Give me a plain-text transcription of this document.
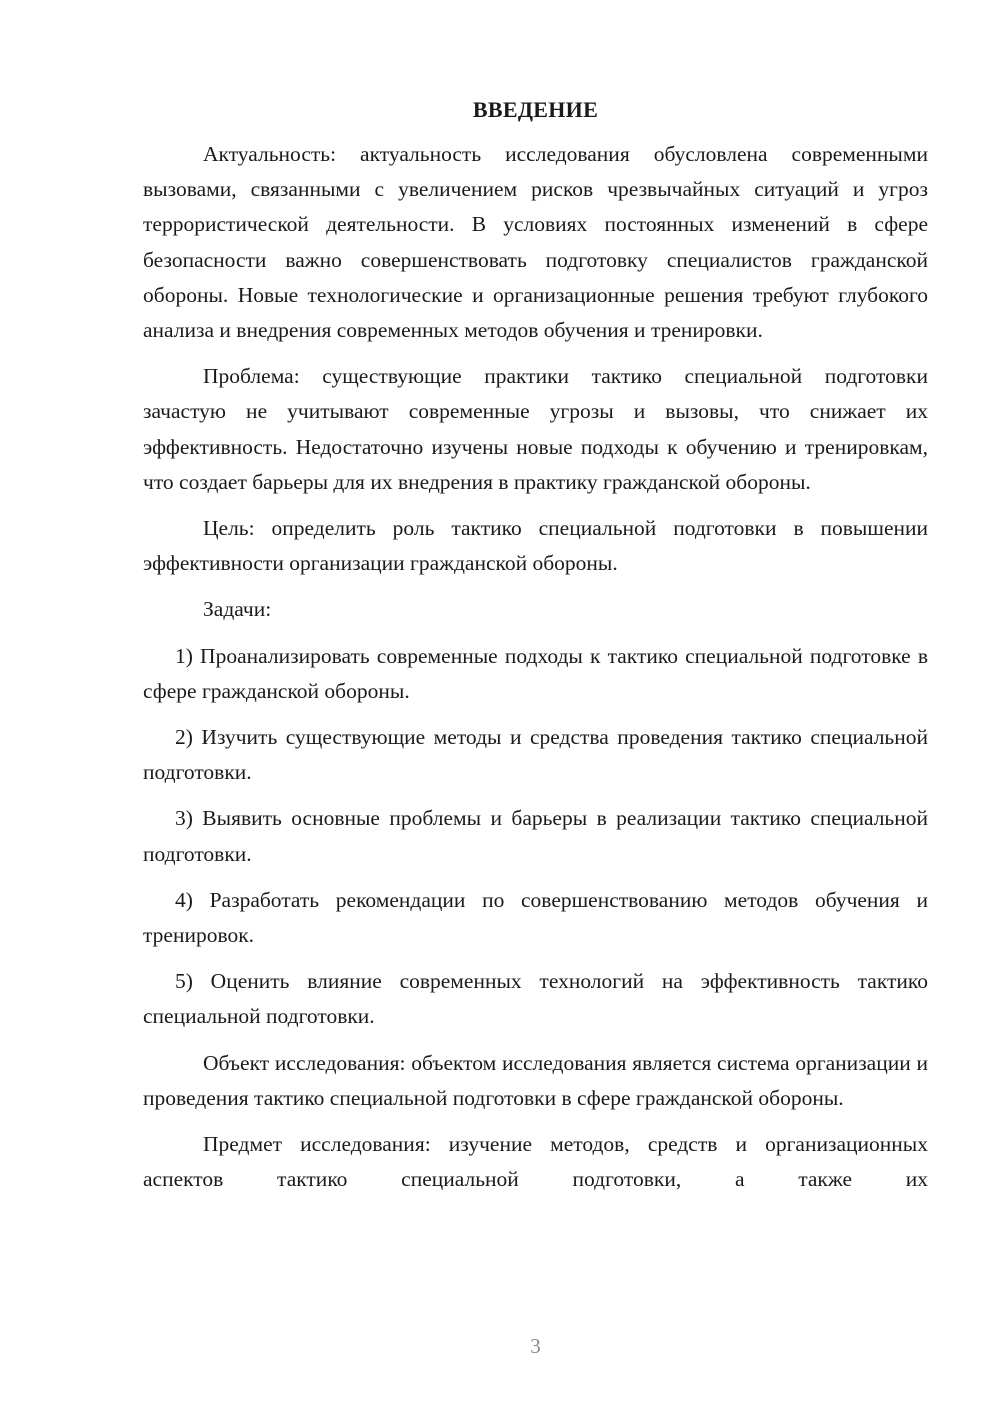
ВВЕДЕНИЕ

Актуальность: актуальность исследования обусловлена современными вызовами, связанными с увеличением рисков чрезвычайных ситуаций и угроз террористической деятельности. В условиях постоянных изменений в сфере безопасности важно совершенствовать подготовку специалистов гражданской обороны. Новые технологические и организационные решения требуют глубокого анализа и внедрения современных методов обучения и тренировки.

Проблема: существующие практики тактико специальной подготовки зачастую не учитывают современные угрозы и вызовы, что снижает их эффективность. Недостаточно изучены новые подходы к обучению и тренировкам, что создает барьеры для их внедрения в практику гражданской обороны.

Цель: определить роль тактико специальной подготовки в повышении эффективности организации гражданской обороны.

Задачи:

1) Проанализировать современные подходы к тактико специальной подготовке в сфере гражданской обороны.

2) Изучить существующие методы и средства проведения тактико специальной подготовки.

3) Выявить основные проблемы и барьеры в реализации тактико специальной подготовки.

4) Разработать рекомендации по совершенствованию методов обучения и тренировок.

5) Оценить влияние современных технологий на эффективность тактико специальной подготовки.

Объект исследования: объектом исследования является система организации и проведения тактико специальной подготовки в сфере гражданской обороны.

Предмет исследования: изучение методов, средств и организационных аспектов тактико специальной подготовки, а также их

3
